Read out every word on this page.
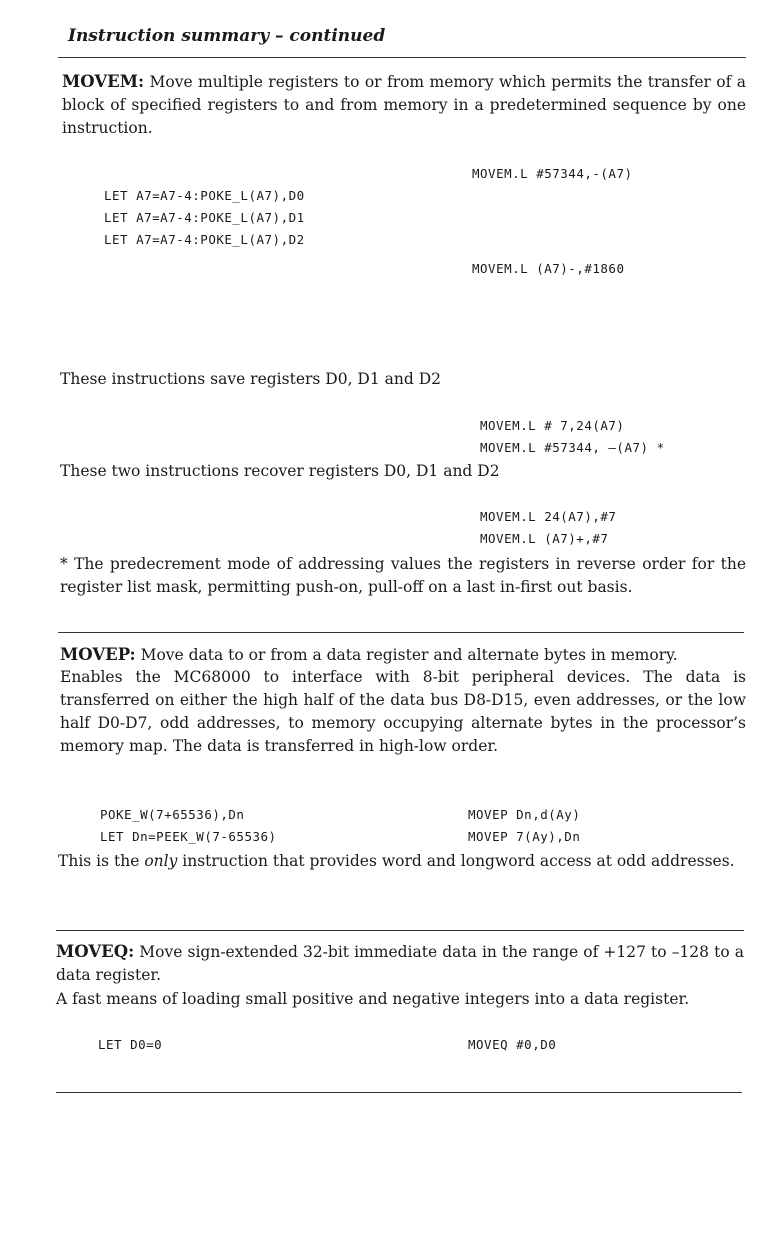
Instruction summary – continued
MOVEM: Move multiple registers to or from memory which permits the transfer of a block of specified registers to and from memory in a predetermined sequence by one instruction.

LET A7=A7-4:POKE_L(A7),D0
LET A7=A7-4:POKE_L(A7),D1
LET A7=A7-4:POKE_L(A7),D2
MOVEM.L #57344,-(A7)
MOVEM.L (A7)-,#1860
These instructions save registers D0, D1 and D2

MOVEM.L # 7,24(A7)
MOVEM.L #57344, –(A7) *
These two instructions recover registers D0, D1 and D2

MOVEM.L 24(A7),#7
MOVEM.L (A7)+,#7
* The predecrement mode of addressing values the registers in reverse order for the register list mask, permitting push-on, pull-off on a last in-first out basis.
MOVEP: Move data to or from a data register and alternate bytes in memory.
Enables the MC68000 to interface with 8-bit peripheral devices. The data is transferred on either the high half of the data bus D8-D15, even addresses, or the low half D0-D7, odd addresses, to memory occupying alternate bytes in the processor’s memory map. The data is transferred in high-low order.

POKE_W(7+65536),Dn
LET Dn=PEEK_W(7-65536)

MOVEP Dn,d(Ay)
MOVEP 7(Ay),Dn
This is the only instruction that provides word and longword access at odd addresses.
MOVEQ: Move sign-extended 32-bit immediate data in the range of +127 to –128 to a data register.
A fast means of loading small positive and negative integers into a data register.
LET D0=0	MOVEQ #0,D0
